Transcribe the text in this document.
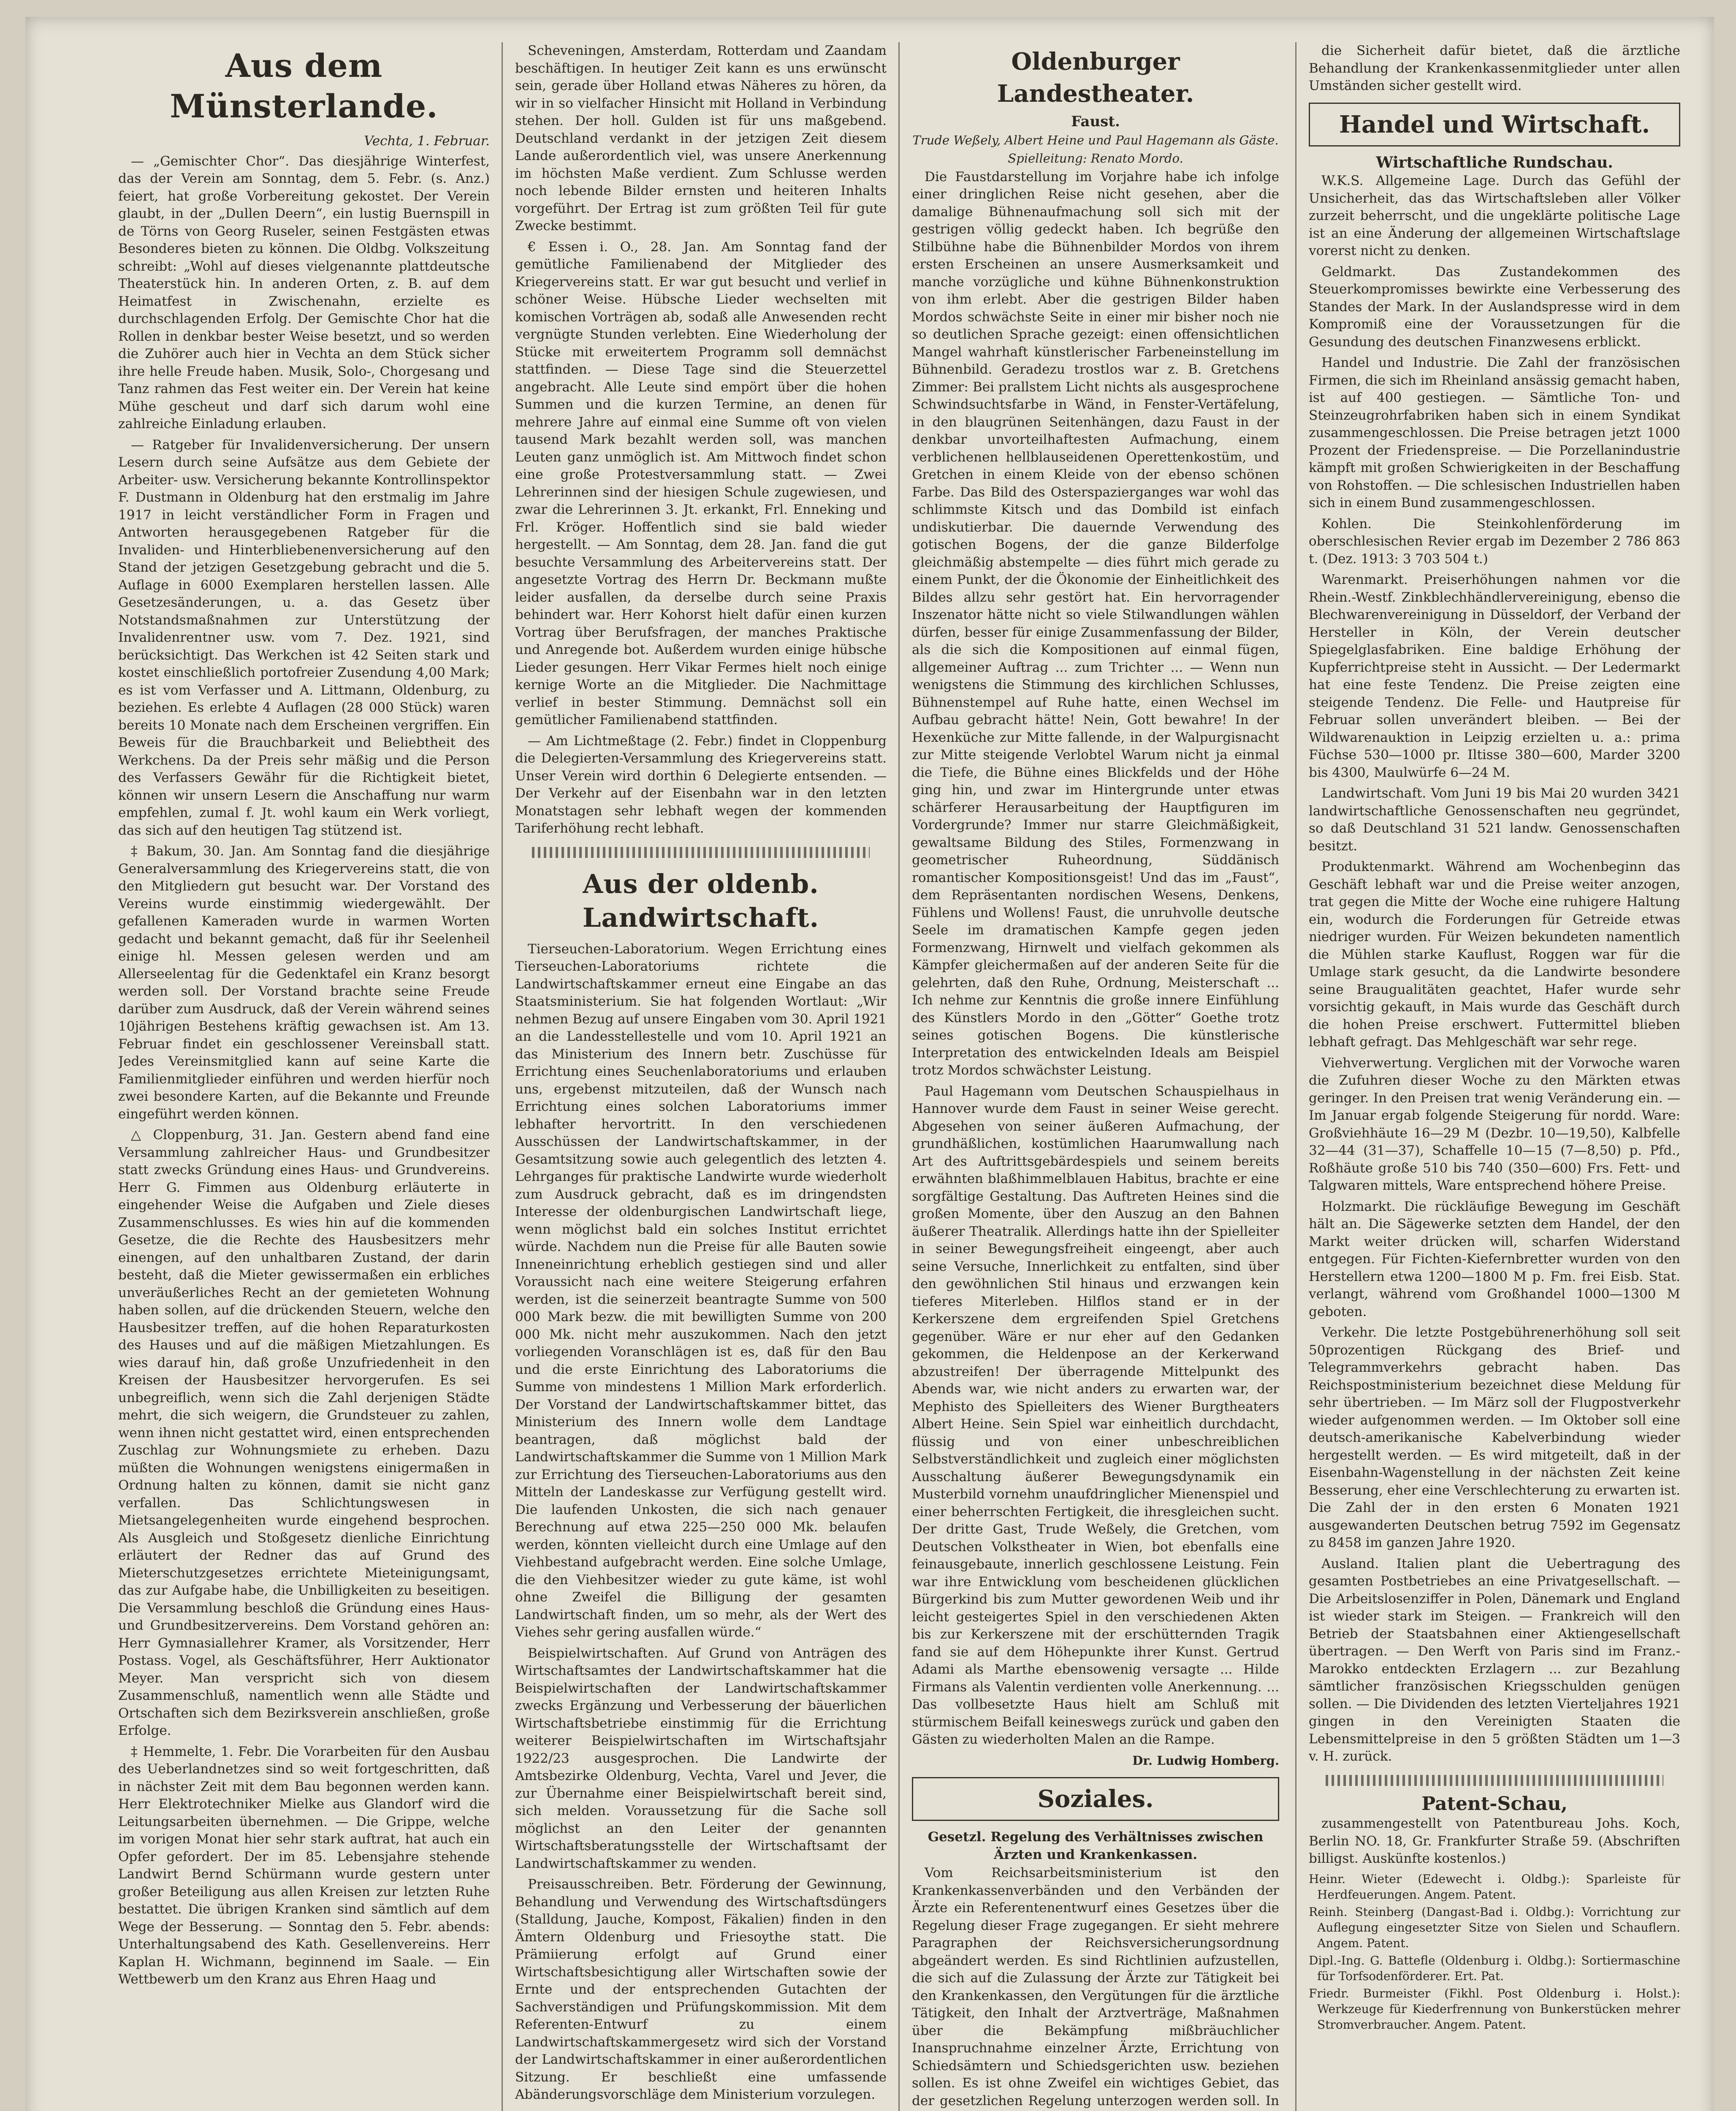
Aus dem Münsterlande.
Vechta, 1. Februar.

— „Gemischter Chor“. Das diesjährige Winterfest, das der Verein am Sonntag, dem 5. Febr. (s. Anz.) feiert, hat große Vorbereitung gekostet. Der Verein glaubt, in der „Dullen Deern“, ein lustig Buernspill in de Törns von Georg Ruseler, seinen Festgästen etwas Besonderes bieten zu können. Die Oldbg. Volkszeitung schreibt: „Wohl auf dieses vielgenannte plattdeutsche Theaterstück hin. In anderen Orten, z. B. auf dem Heimatfest in Zwischenahn, erzielte es durchschlagenden Erfolg. Der Gemischte Chor hat die Rollen in denkbar bester Weise besetzt, und so werden die Zuhörer auch hier in Vechta an dem Stück sicher ihre helle Freude haben. Musik, Solo-, Chorgesang und Tanz rahmen das Fest weiter ein. Der Verein hat keine Mühe gescheut und darf sich darum wohl eine zahlreiche Einladung erlauben.

— Ratgeber für Invalidenversicherung. Der unsern Lesern durch seine Aufsätze aus dem Gebiete der Arbeiter- usw. Versicherung bekannte Kontrollinspektor F. Dustmann in Oldenburg hat den erstmalig im Jahre 1917 in leicht verständlicher Form in Fragen und Antworten herausgegebenen Ratgeber für die Invaliden- und Hinterbliebenenversicherung auf den Stand der jetzigen Gesetzgebung gebracht und die 5. Auflage in 6000 Exemplaren herstellen lassen. Alle Gesetzesänderungen, u. a. das Gesetz über Notstandsmaßnahmen zur Unterstützung der Invalidenrentner usw. vom 7. Dez. 1921, sind berücksichtigt. Das Werkchen ist 42 Seiten stark und kostet einschließlich portofreier Zusendung 4,00 Mark; es ist vom Verfasser und A. Littmann, Oldenburg, zu beziehen. Es erlebte 4 Auflagen (28 000 Stück) waren bereits 10 Monate nach dem Erscheinen vergriffen. Ein Beweis für die Brauchbarkeit und Beliebtheit des Werkchens. Da der Preis sehr mäßig und die Person des Verfassers Gewähr für die Richtigkeit bietet, können wir unsern Lesern die Anschaffung nur warm empfehlen, zumal f. Jt. wohl kaum ein Werk vorliegt, das sich auf den heutigen Tag stützend ist.

‡ Bakum, 30. Jan. Am Sonntag fand die diesjährige Generalversammlung des Kriegervereins statt, die von den Mitgliedern gut besucht war. Der Vorstand des Vereins wurde einstimmig wiedergewählt. Der gefallenen Kameraden wurde in warmen Worten gedacht und bekannt gemacht, daß für ihr Seelenheil einige hl. Messen gelesen werden und am Allerseelentag für die Gedenktafel ein Kranz besorgt werden soll. Der Vorstand brachte seine Freude darüber zum Ausdruck, daß der Verein während seines 10jährigen Bestehens kräftig gewachsen ist. Am 13. Februar findet ein geschlossener Vereinsball statt. Jedes Vereinsmitglied kann auf seine Karte die Familienmitglieder einführen und werden hierfür noch zwei besondere Karten, auf die Bekannte und Freunde eingeführt werden können.

△ Cloppenburg, 31. Jan. Gestern abend fand eine Versammlung zahlreicher Haus- und Grundbesitzer statt zwecks Gründung eines Haus- und Grundvereins. Herr G. Fimmen aus Oldenburg erläuterte in eingehender Weise die Aufgaben und Ziele dieses Zusammenschlusses. Es wies hin auf die kommenden Gesetze, die die Rechte des Hausbesitzers mehr einengen, auf den unhaltbaren Zustand, der darin besteht, daß die Mieter gewissermaßen ein erbliches unveräußerliches Recht an der gemieteten Wohnung haben sollen, auf die drückenden Steuern, welche den Hausbesitzer treffen, auf die hohen Reparaturkosten des Hauses und auf die mäßigen Mietzahlungen. Es wies darauf hin, daß große Unzufriedenheit in den Kreisen der Hausbesitzer hervorgerufen. Es sei unbegreiflich, wenn sich die Zahl derjenigen Städte mehrt, die sich weigern, die Grundsteuer zu zahlen, wenn ihnen nicht gestattet wird, einen entsprechenden Zuschlag zur Wohnungsmiete zu erheben. Dazu müßten die Wohnungen wenigstens einigermaßen in Ordnung halten zu können, damit sie nicht ganz verfallen. Das Schlichtungswesen in Mietsangelegenheiten wurde eingehend besprochen. Als Ausgleich und Stoßgesetz dienliche Einrichtung erläutert der Redner das auf Grund des Mieterschutzgesetzes errichtete Mieteinigungsamt, das zur Aufgabe habe, die Unbilligkeiten zu beseitigen. Die Versammlung beschloß die Gründung eines Haus- und Grundbesitzervereins. Dem Vorstand gehören an: Herr Gymnasiallehrer Kramer, als Vorsitzender, Herr Postass. Vogel, als Geschäftsführer, Herr Auktionator Meyer. Man verspricht sich von diesem Zusammenschluß, namentlich wenn alle Städte und Ortschaften sich dem Bezirksverein anschließen, große Erfolge.

‡ Hemmelte, 1. Febr. Die Vorarbeiten für den Ausbau des Ueberlandnetzes sind so weit fortgeschritten, daß in nächster Zeit mit dem Bau begonnen werden kann. Herr Elektrotechniker Mielke aus Glandorf wird die Leitungsarbeiten übernehmen. — Die Grippe, welche im vorigen Monat hier sehr stark auftrat, hat auch ein Opfer gefordert. Der im 85. Lebensjahre stehende Landwirt Bernd Schürmann wurde gestern unter großer Beteiligung aus allen Kreisen zur letzten Ruhe bestattet. Die übrigen Kranken sind sämtlich auf dem Wege der Besserung. — Sonntag den 5. Febr. abends: Unterhaltungsabend des Kath. Gesellenvereins. Herr Kaplan H. Wichmann, beginnend im Saale. — Ein Wettbewerb um den Kranz aus Ehren Haag und

Scheveningen, Amsterdam, Rotterdam und Zaandam beschäftigen. In heutiger Zeit kann es uns erwünscht sein, gerade über Holland etwas Näheres zu hören, da wir in so vielfacher Hinsicht mit Holland in Verbindung stehen. Der holl. Gulden ist für uns maßgebend. Deutschland verdankt in der jetzigen Zeit diesem Lande außerordentlich viel, was unsere Anerkennung im höchsten Maße verdient. Zum Schlusse werden noch lebende Bilder ernsten und heiteren Inhalts vorgeführt. Der Ertrag ist zum größten Teil für gute Zwecke bestimmt.

€ Essen i. O., 28. Jan. Am Sonntag fand der gemütliche Familienabend der Mitglieder des Kriegervereins statt. Er war gut besucht und verlief in schöner Weise. Hübsche Lieder wechselten mit komischen Vorträgen ab, sodaß alle Anwesenden recht vergnügte Stunden verlebten. Eine Wiederholung der Stücke mit erweitertem Programm soll demnächst stattfinden. — Diese Tage sind die Steuerzettel angebracht. Alle Leute sind empört über die hohen Summen und die kurzen Termine, an denen für mehrere Jahre auf einmal eine Summe oft von vielen tausend Mark bezahlt werden soll, was manchen Leuten ganz unmöglich ist. Am Mittwoch findet schon eine große Protestversammlung statt. — Zwei Lehrerinnen sind der hiesigen Schule zugewiesen, und zwar die Lehrerinnen 3. Jt. erkankt, Frl. Enneking und Frl. Kröger. Hoffentlich sind sie bald wieder hergestellt. — Am Sonntag, dem 28. Jan. fand die gut besuchte Versammlung des Arbeitervereins statt. Der angesetzte Vortrag des Herrn Dr. Beckmann mußte leider ausfallen, da derselbe durch seine Praxis behindert war. Herr Kohorst hielt dafür einen kurzen Vortrag über Berufsfragen, der manches Praktische und Anregende bot. Außerdem wurden einige hübsche Lieder gesungen. Herr Vikar Fermes hielt noch einige kernige Worte an die Mitglieder. Die Nachmittage verlief in bester Stimmung. Demnächst soll ein gemütlicher Familienabend stattfinden.

— Am Lichtmeßtage (2. Febr.) findet in Cloppenburg die Delegierten-Versammlung des Kriegervereins statt. Unser Verein wird dorthin 6 Delegierte entsenden. — Der Verkehr auf der Eisenbahn war in den letzten Monatstagen sehr lebhaft wegen der kommenden Tariferhöhung recht lebhaft.

Aus der oldenb. Landwirtschaft.

Tierseuchen-Laboratorium. Wegen Errichtung eines Tierseuchen-Laboratoriums richtete die Landwirtschaftskammer erneut eine Eingabe an das Staatsministerium. Sie hat folgenden Wortlaut: „Wir nehmen Bezug auf unsere Eingaben vom 30. April 1921 an die Landesstellestelle und vom 10. April 1921 an das Ministerium des Innern betr. Zuschüsse für Errichtung eines Seuchenlaboratoriums und erlauben uns, ergebenst mitzuteilen, daß der Wunsch nach Errichtung eines solchen Laboratoriums immer lebhafter hervortritt. In den verschiedenen Ausschüssen der Landwirtschaftskammer, in der Gesamtsitzung sowie auch gelegentlich des letzten 4. Lehrganges für praktische Landwirte wurde wiederholt zum Ausdruck gebracht, daß es im dringendsten Interesse der oldenburgischen Landwirtschaft liege, wenn möglichst bald ein solches Institut errichtet würde. Nachdem nun die Preise für alle Bauten sowie Inneneinrichtung erheblich gestiegen sind und aller Voraussicht nach eine weitere Steigerung erfahren werden, ist die seinerzeit beantragte Summe von 500 000 Mark bezw. die mit bewilligten Summe von 200 000 Mk. nicht mehr auszukommen. Nach den jetzt vorliegenden Voranschlägen ist es, daß für den Bau und die erste Einrichtung des Laboratoriums die Summe von mindestens 1 Million Mark erforderlich. Der Vorstand der Landwirtschaftskammer bittet, das Ministerium des Innern wolle dem Landtage beantragen, daß möglichst bald der Landwirtschaftskammer die Summe von 1 Million Mark zur Errichtung des Tierseuchen-Laboratoriums aus den Mitteln der Landeskasse zur Verfügung gestellt wird. Die laufenden Unkosten, die sich nach genauer Berechnung auf etwa 225—250 000 Mk. belaufen werden, könnten vielleicht durch eine Umlage auf den Viehbestand aufgebracht werden. Eine solche Umlage, die den Viehbesitzer wieder zu gute käme, ist wohl ohne Zweifel die Billigung der gesamten Landwirtschaft finden, um so mehr, als der Wert des Viehes sehr gering ausfallen würde.“

Beispielwirtschaften. Auf Grund von Anträgen des Wirtschaftsamtes der Landwirtschaftskammer hat die Beispielwirtschaften der Landwirtschaftskammer zwecks Ergänzung und Verbesserung der bäuerlichen Wirtschaftsbetriebe einstimmig für die Errichtung weiterer Beispielwirtschaften im Wirtschaftsjahr 1922/23 ausgesprochen. Die Landwirte der Amtsbezirke Oldenburg, Vechta, Varel und Jever, die zur Übernahme einer Beispielwirtschaft bereit sind, sich melden. Voraussetzung für die Sache soll möglichst an den Leiter der genannten Wirtschaftsberatungsstelle der Wirtschaftsamt der Landwirtschaftskammer zu wenden.

Preisausschreiben. Betr. Förderung der Gewinnung, Behandlung und Verwendung des Wirtschaftsdüngers (Stalldung, Jauche, Kompost, Fäkalien) finden in den Ämtern Oldenburg und Friesoythe statt. Die Prämiierung erfolgt auf Grund einer Wirtschaftsbesichtigung aller Wirtschaften sowie der Ernte und der entsprechenden Gutachten der Sachverständigen und Prüfungskommission. Mit dem Referenten-Entwurf zu einem Landwirtschaftskammergesetz wird sich der Vorstand der Landwirtschaftskammer in einer außerordentlichen Sitzung. Er beschließt eine umfassende Abänderungsvorschläge dem Ministerium vorzulegen.

Oldenburger Landestheater.
Faust.
Trude Weßely, Albert Heine und Paul Hagemann als Gäste.
Spielleitung: Renato Mordo.

Die Faustdarstellung im Vorjahre habe ich infolge einer dringlichen Reise nicht gesehen, aber die damalige Bühnenaufmachung soll sich mit der gestrigen völlig gedeckt haben. Ich begrüße den Stilbühne habe die Bühnenbilder Mordos von ihrem ersten Erscheinen an unsere Ausmerksamkeit und manche vorzügliche und kühne Bühnenkonstruktion von ihm erlebt. Aber die gestrigen Bilder haben Mordos schwächste Seite in einer mir bisher noch nie so deutlichen Sprache gezeigt: einen offensichtlichen Mangel wahrhaft künstlerischer Farbeneinstellung im Bühnenbild. Geradezu trostlos war z. B. Gretchens Zimmer: Bei prallstem Licht nichts als ausgesprochene Schwindsuchtsfarbe in Wänd, in Fenster-Vertäfelung, in den blaugrünen Seitenhängen, dazu Faust in der denkbar unvorteilhaftesten Aufmachung, einem verblichenen hellblauseidenen Operettenkostüm, und Gretchen in einem Kleide von der ebenso schönen Farbe. Das Bild des Osterspazierganges war wohl das schlimmste Kitsch und das Dombild ist einfach undiskutierbar. Die dauernde Verwendung des gotischen Bogens, der die ganze Bilderfolge gleichmäßig abstempelte — dies führt mich gerade zu einem Punkt, der die Ökonomie der Einheitlichkeit des Bildes allzu sehr gestört hat. Ein hervorragender Inszenator hätte nicht so viele Stilwandlungen wählen dürfen, besser für einige Zusammenfassung der Bilder, als die sich die Kompositionen auf einmal fügen, allgemeiner Auftrag ... zum Trichter ... — Wenn nun wenigstens die Stimmung des kirchlichen Schlusses, Bühnenstempel auf Ruhe hatte, einen Wechsel im Aufbau gebracht hätte! Nein, Gott bewahre! In der Hexenküche zur Mitte fallende, in der Walpurgisnacht zur Mitte steigende Verlobtel Warum nicht ja einmal die Tiefe, die Bühne eines Blickfelds und der Höhe ging hin, und zwar im Hintergrunde unter etwas schärferer Herausarbeitung der Hauptfiguren im Vordergrunde? Immer nur starre Gleichmäßigkeit, gewaltsame Bildung des Stiles, Formenzwang in geometrischer Ruheordnung, Süddänisch romantischer Kompositionsgeist! Und das im „Faust“, dem Repräsentanten nordischen Wesens, Denkens, Fühlens und Wollens! Faust, die unruhvolle deutsche Seele im dramatischen Kampfe gegen jeden Formenzwang, Hirnwelt und vielfach gekommen als Kämpfer gleichermaßen auf der anderen Seite für die gelehrten, daß den Ruhe, Ordnung, Meisterschaft ... Ich nehme zur Kenntnis die große innere Einfühlung des Künstlers Mordo in den „Götter“ Goethe trotz seines gotischen Bogens. Die künstlerische Interpretation des entwickelnden Ideals am Beispiel trotz Mordos schwächster Leistung.

Paul Hagemann vom Deutschen Schauspielhaus in Hannover wurde dem Faust in seiner Weise gerecht. Abgesehen von seiner äußeren Aufmachung, der grundhäßlichen, kostümlichen Haarumwallung nach Art des Auftrittsgebärdespiels und seinem bereits erwähnten blaßhimmelblauen Habitus, brachte er eine sorgfältige Gestaltung. Das Auftreten Heines sind die großen Momente, über den Auszug an den Bahnen äußerer Theatralik. Allerdings hatte ihn der Spielleiter in seiner Bewegungsfreiheit eingeengt, aber auch seine Versuche, Innerlichkeit zu entfalten, sind über den gewöhnlichen Stil hinaus und erzwangen kein tieferes Miterleben. Hilflos stand er in der Kerkerszene dem ergreifenden Spiel Gretchens gegenüber. Wäre er nur eher auf den Gedanken gekommen, die Heldenpose an der Kerkerwand abzustreifen! Der überragende Mittelpunkt des Abends war, wie nicht anders zu erwarten war, der Mephisto des Spielleiters des Wiener Burgtheaters Albert Heine. Sein Spiel war einheitlich durchdacht, flüssig und von einer unbeschreiblichen Selbstverständlichkeit und zugleich einer möglichsten Ausschaltung äußerer Bewegungsdynamik ein Musterbild vornehm unaufdringlicher Mienenspiel und einer beherrschten Fertigkeit, die ihresgleichen sucht. Der dritte Gast, Trude Weßely, die Gretchen, vom Deutschen Volkstheater in Wien, bot ebenfalls eine feinausgebaute, innerlich geschlossene Leistung. Fein war ihre Entwicklung vom bescheidenen glücklichen Bürgerkind bis zum Mutter gewordenen Weib und ihr leicht gesteigertes Spiel in den verschiedenen Akten bis zur Kerkerszene mit der erschütternden Tragik fand sie auf dem Höhepunkte ihrer Kunst. Gertrud Adami als Marthe ebensowenig versagte ... Hilde Firmans als Valentin verdienten volle Anerkennung. ... Das vollbesetzte Haus hielt am Schluß mit stürmischem Beifall keineswegs zurück und gaben den Gästen zu wiederholten Malen an die Rampe.

Dr. Ludwig Homberg.
Soziales.
Gesetzl. Regelung des Verhältnisses zwischen Ärzten und Krankenkassen.

Vom Reichsarbeitsministerium ist den Krankenkassenverbänden und den Verbänden der Ärzte ein Referentenentwurf eines Gesetzes über die Regelung dieser Frage zugegangen. Er sieht mehrere Paragraphen der Reichsversicherungsordnung abgeändert werden. Es sind Richtlinien aufzustellen, die sich auf die Zulassung der Ärzte zur Tätigkeit bei den Krankenkassen, den Vergütungen für die ärztliche Tätigkeit, den Inhalt der Arztverträge, Maßnahmen über die Bekämpfung mißbräuchlicher Inanspruchnahme einzelner Ärzte, Errichtung von Schiedsämtern und Schiedsgerichten usw. beziehen sollen. Es ist ohne Zweifel ein wichtiges Gebiet, das der gesetzlichen Regelung unterzogen werden soll. In

die Sicherheit dafür bietet, daß die ärztliche Behandlung der Krankenkassenmitglieder unter allen Umständen sicher gestellt wird.

Handel und Wirtschaft.
Wirtschaftliche Rundschau.

W.K.S. Allgemeine Lage. Durch das Gefühl der Unsicherheit, das das Wirtschaftsleben aller Völker zurzeit beherrscht, und die ungeklärte politische Lage ist an eine Änderung der allgemeinen Wirtschaftslage vorerst nicht zu denken.

Geldmarkt. Das Zustandekommen des Steuerkompromisses bewirkte eine Verbesserung des Standes der Mark. In der Auslandspresse wird in dem Kompromiß eine der Voraussetzungen für die Gesundung des deutschen Finanzwesens erblickt.

Handel und Industrie. Die Zahl der französischen Firmen, die sich im Rheinland ansässig gemacht haben, ist auf 400 gestiegen. — Sämtliche Ton- und Steinzeugrohrfabriken haben sich in einem Syndikat zusammengeschlossen. Die Preise betragen jetzt 1000 Prozent der Friedenspreise. — Die Porzellanindustrie kämpft mit großen Schwierigkeiten in der Beschaffung von Rohstoffen. — Die schlesischen Industriellen haben sich in einem Bund zusammengeschlossen.

Kohlen. Die Steinkohlenförderung im oberschlesischen Revier ergab im Dezember 2 786 863 t. (Dez. 1913: 3 703 504 t.)

Warenmarkt. Preiserhöhungen nahmen vor die Rhein.-Westf. Zinkblechhändlervereinigung, ebenso die Blechwarenvereinigung in Düsseldorf, der Verband der Hersteller in Köln, der Verein deutscher Spiegelglasfabriken. Eine baldige Erhöhung der Kupferrichtpreise steht in Aussicht. — Der Ledermarkt hat eine feste Tendenz. Die Preise zeigten eine steigende Tendenz. Die Felle- und Hautpreise für Februar sollen unverändert bleiben. — Bei der Wildwarenauktion in Leipzig erzielten u. a.: prima Füchse 530—1000 pr. Iltisse 380—600, Marder 3200 bis 4300, Maulwürfe 6—24 M.

Landwirtschaft. Vom Juni 19 bis Mai 20 wurden 3421 landwirtschaftliche Genossenschaften neu gegründet, so daß Deutschland 31 521 landw. Genossenschaften besitzt.

Produktenmarkt. Während am Wochenbeginn das Geschäft lebhaft war und die Preise weiter anzogen, trat gegen die Mitte der Woche eine ruhigere Haltung ein, wodurch die Forderungen für Getreide etwas niedriger wurden. Für Weizen bekundeten namentlich die Mühlen starke Kauflust, Roggen war für die Umlage stark gesucht, da die Landwirte besondere seine Braugualitäten geachtet, Hafer wurde sehr vorsichtig gekauft, in Mais wurde das Geschäft durch die hohen Preise erschwert. Futtermittel blieben lebhaft gefragt. Das Mehlgeschäft war sehr rege.

Viehverwertung. Verglichen mit der Vorwoche waren die Zufuhren dieser Woche zu den Märkten etwas geringer. In den Preisen trat wenig Veränderung ein. — Im Januar ergab folgende Steigerung für nordd. Ware: Großviehhäute 16—29 M (Dezbr. 10—19,50), Kalbfelle 32—44 (31—37), Schaffelle 10—15 (7—8,50) p. Pfd., Roßhäute große 510 bis 740 (350—600) Frs. Fett- und Talgwaren mittels, Ware entsprechend höhere Preise.

Holzmarkt. Die rückläufige Bewegung im Geschäft hält an. Die Sägewerke setzten dem Handel, der den Markt weiter drücken will, scharfen Widerstand entgegen. Für Fichten-Kiefernbretter wurden von den Herstellern etwa 1200—1800 M p. Fm. frei Eisb. Stat. verlangt, während vom Großhandel 1000—1300 M geboten.

Verkehr. Die letzte Postgebührenerhöhung soll seit 50prozentigen Rückgang des Brief- und Telegrammverkehrs gebracht haben. Das Reichspostministerium bezeichnet diese Meldung für sehr übertrieben. — Im März soll der Flugpostverkehr wieder aufgenommen werden. — Im Oktober soll eine deutsch-amerikanische Kabelverbindung wieder hergestellt werden. — Es wird mitgeteilt, daß in der Eisenbahn-Wagenstellung in der nächsten Zeit keine Besserung, eher eine Verschlechterung zu erwarten ist. Die Zahl der in den ersten 6 Monaten 1921 ausgewanderten Deutschen betrug 7592 im Gegensatz zu 8458 im ganzen Jahre 1920.

Ausland. Italien plant die Uebertragung des gesamten Postbetriebes an eine Privatgesellschaft. — Die Arbeitslosenziffer in Polen, Dänemark und England ist wieder stark im Steigen. — Frankreich will den Betrieb der Staatsbahnen einer Aktiengesellschaft übertragen. — Den Werft von Paris sind im Franz.-Marokko entdeckten Erzlagern ... zur Bezahlung sämtlicher französischen Kriegsschulden genügen sollen. — Die Dividenden des letzten Vierteljahres 1921 gingen in den Vereinigten Staaten die Lebensmittelpreise in den 5 größten Städten um 1—3 v. H. zurück.

Patent-Schau,

zusammengestellt von Patentbureau Johs. Koch, Berlin NO. 18, Gr. Frankfurter Straße 59. (Abschriften billigst. Auskünfte kostenlos.)

Heinr. Wieter (Edewecht i. Oldbg.): Sparleiste für Herdfeuerungen. Angem. Patent.
Reinh. Steinberg (Dangast-Bad i. Oldbg.): Vorrichtung zur Auflegung eingesetzter Sitze von Sielen und Schauflern. Angem. Patent.
Dipl.-Ing. G. Battefle (Oldenburg i. Oldbg.): Sortiermaschine für Torfsodenförderer. Ert. Pat.
Friedr. Burmeister (Fikhl. Post Oldenburg i. Holst.): Werkzeuge für Kiederfrennung von Bunkerstücken mehrer Stromverbraucher. Angem. Patent.
